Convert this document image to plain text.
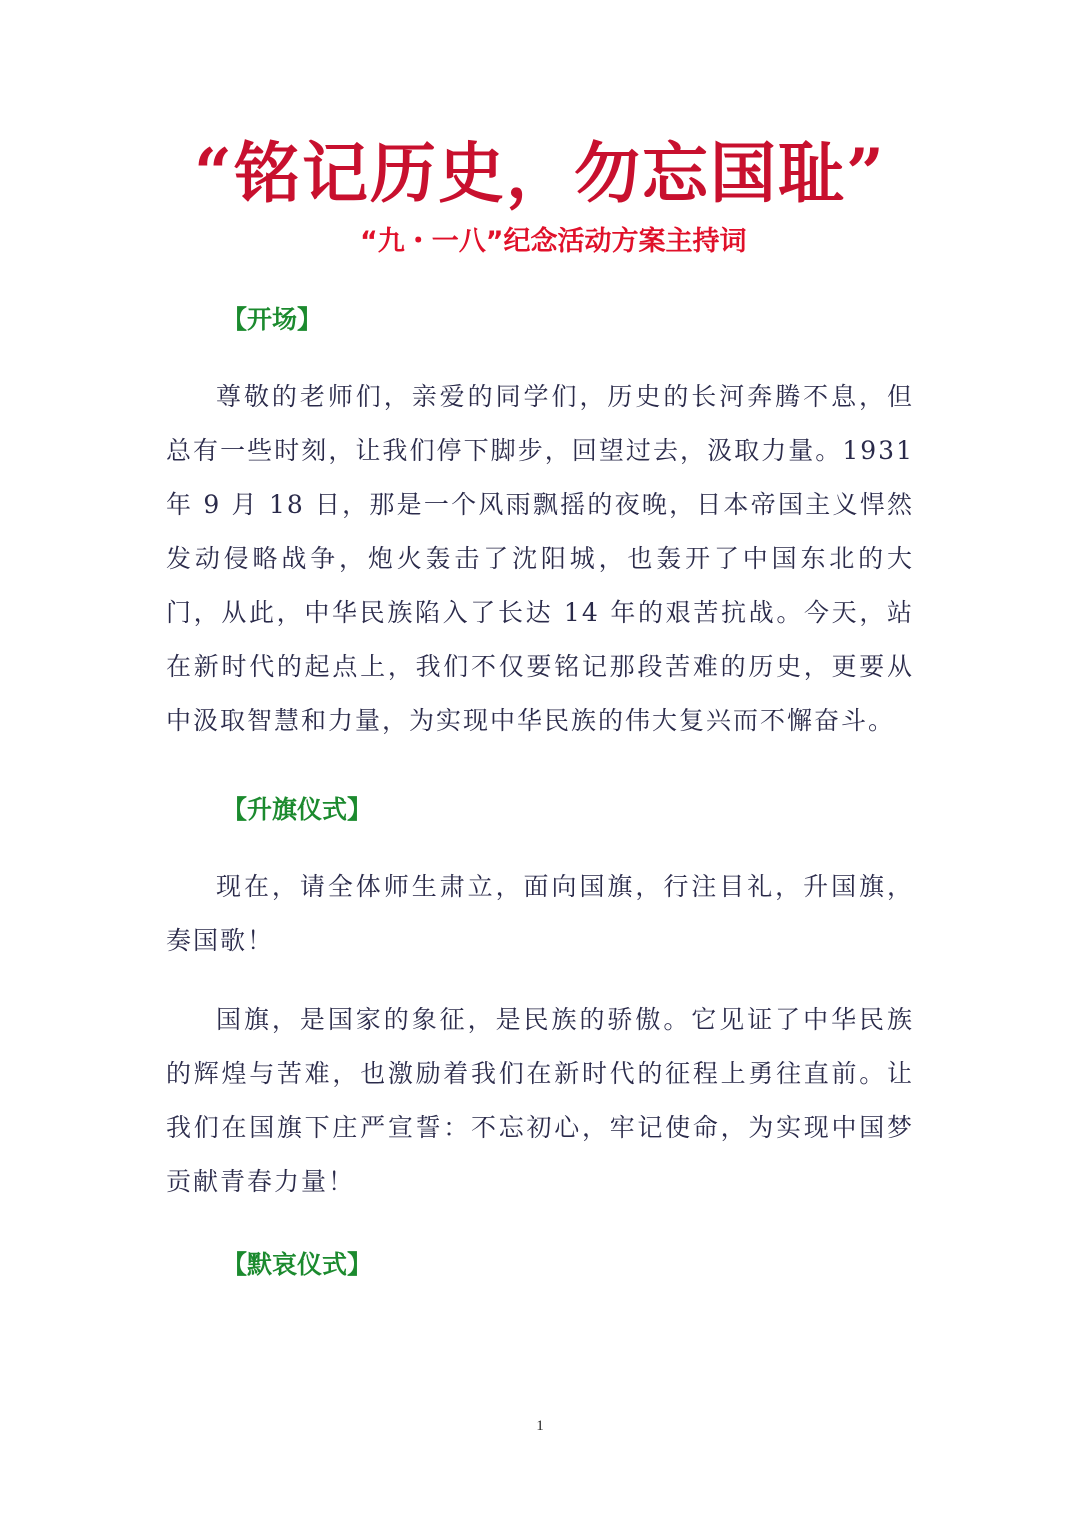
“铭记历史，勿忘国耻”
“九・一八”纪念活动方案主持词
【开场】

尊敬的老师们，亲爱的同学们，历史的长河奔腾不息，但总有一些时刻，让我们停下脚步，回望过去，汲取力量。1931 年 9 月 18 日，那是一个风雨飘摇的夜晚，日本帝国主义悍然发动侵略战争，炮火轰击了沈阳城，也轰开了中国东北的大门，从此，中华民族陷入了长达 14 年的艰苦抗战。今天，站在新时代的起点上，我们不仅要铭记那段苦难的历史，更要从中汲取智慧和力量，为实现中华民族的伟大复兴而不懈奋斗。

【升旗仪式】

现在，请全体师生肃立，面向国旗，行注目礼，升国旗，奏国歌！

国旗，是国家的象征，是民族的骄傲。它见证了中华民族的辉煌与苦难，也激励着我们在新时代的征程上勇往直前。让我们在国旗下庄严宣誓：不忘初心，牢记使命，为实现中国梦贡献青春力量！

【默哀仪式】
1
